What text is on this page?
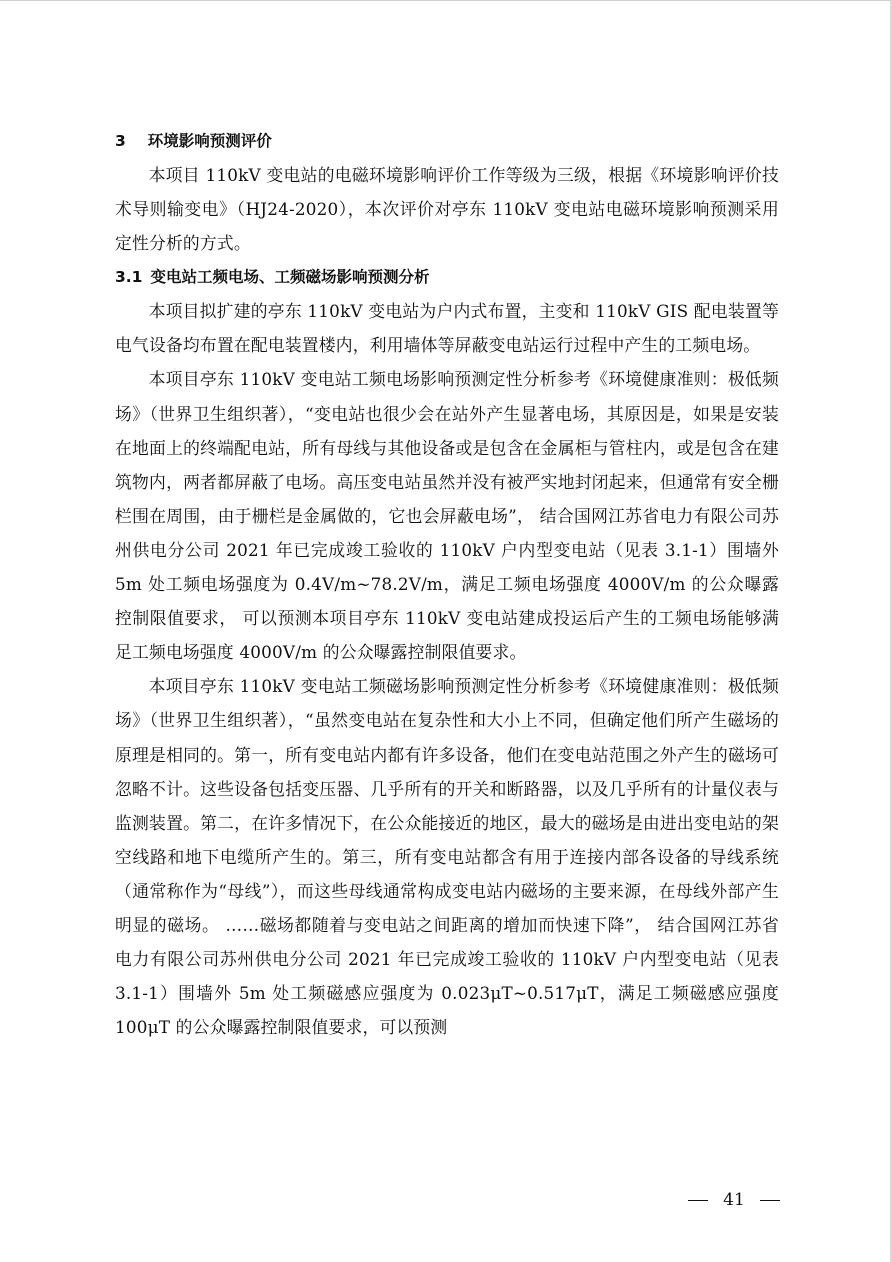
3 环境影响预测评价

本项目 110kV 变电站的电磁环境影响评价工作等级为三级，根据《环境影响评价技术导则输变电》（HJ24-2020），本次评价对亭东 110kV 变电站电磁环境影响预测采用定性分析的方式。

3.1 变电站工频电场、工频磁场影响预测分析

本项目拟扩建的亭东 110kV 变电站为户内式布置，主变和 110kV GIS 配电装置等电气设备均布置在配电装置楼内，利用墙体等屏蔽变电站运行过程中产生的工频电场。

本项目亭东 110kV 变电站工频电场影响预测定性分析参考《环境健康准则：极低频场》（世界卫生组织著），“变电站也很少会在站外产生显著电场，其原因是，如果是安装在地面上的终端配电站，所有母线与其他设备或是包含在金属柜与管柱内，或是包含在建筑物内，两者都屏蔽了电场。高压变电站虽然并没有被严实地封闭起来，但通常有安全栅栏围在周围，由于栅栏是金属做的，它也会屏蔽电场”， 结合国网江苏省电力有限公司苏州供电分公司 2021 年已完成竣工验收的 110kV 户内型变电站（见表 3.1-1）围墙外 5m 处工频电场强度为 0.4V/m~78.2V/m，满足工频电场强度 4000V/m 的公众曝露控制限值要求， 可以预测本项目亭东 110kV 变电站建成投运后产生的工频电场能够满足工频电场强度 4000V/m 的公众曝露控制限值要求。

本项目亭东 110kV 变电站工频磁场影响预测定性分析参考《环境健康准则：极低频场》（世界卫生组织著），“虽然变电站在复杂性和大小上不同，但确定他们所产生磁场的原理是相同的。第一，所有变电站内都有许多设备，他们在变电站范围之外产生的磁场可忽略不计。这些设备包括变压器、几乎所有的开关和断路器，以及几乎所有的计量仪表与监测装置。第二，在许多情况下，在公众能接近的地区，最大的磁场是由进出变电站的架空线路和地下电缆所产生的。第三，所有变电站都含有用于连接内部各设备的导线系统（通常称作为“母线”），而这些母线通常构成变电站内磁场的主要来源，在母线外部产生明显的磁场。 ……磁场都随着与变电站之间距离的增加而快速下降”， 结合国网江苏省电力有限公司苏州供电分公司 2021 年已完成竣工验收的 110kV 户内型变电站（见表 3.1-1）围墙外 5m 处工频磁感应强度为 0.023μT~0.517μT，满足工频磁感应强度 100μT 的公众曝露控制限值要求，可以预测

41
